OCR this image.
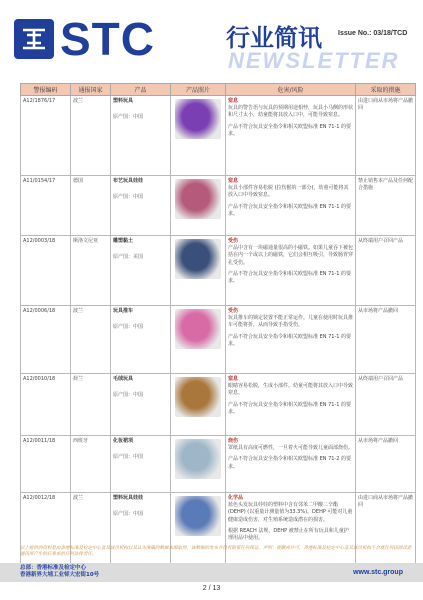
STC	行业简讯 Issue No.: 03/18/TCD
NEWSLETTER
警报编码	通报国家	产品	产品照片	危害/风险	采取的措施
A12/1876/17	波兰	塑料玩具
原产国：中国		窒息
玩具的警告语与玩具的预期用途相悖，玩具小马侧的形状和尺寸太小，幼童能将其放入口中，可能导致窒息。
产品不符合玩具安全指令和相关欧盟标准 EN 71-1 的要求。	由进口商从市场将产品撤回
A11/0154/17	德国	布艺玩具娃娃
原产国：中国		窒息
玩具小部件容易松脱 (拉伤猴的一部分)，幼童可能将其放入口中导致窒息。
产品不符合玩具安全指令和相关欧盟标准 EN 71-1 的要求。	禁止销售本产品及任何配合措施
A12/0003/18	斯洛文尼亚	雕塑黏土
原产国：美国		受伤
产品中含有一块磁通量很高的小磁铁。如果儿童吞下被包括在内一个或以上的磁铁，它们会相互吸引，导致肠胃穿孔受伤。
产品不符合玩具安全指令和相关欧盟标准 EN 71-1 的要求。	从终端用户召回产品
A12/0006/18	波兰	玩具推车
原产国：中国		受伤
玩具推车的锁定装置不能正常运作。儿童在使用时玩具推车可能将折，从而导致手指受伤。
产品不符合玩具安全指令和相关欧盟标准 EN 71-1 的要求。	从市场将产品撤回
A12/0010/18	荷兰	毛绒玩具
原产国：中国		窒息
眼睛容易松脱，生成小部件。幼童可能将其放入口中导致窒息。
产品不符合玩具安全指令和相关欧盟标准 EN 71-1 的要求。	从终端用户召回产品
A12/0011/18	西班牙	化妆裙项
原产国：中国		烧伤
罩纸具有高度可燃性，一旦着火可能导致儿童面部烧伤。
产品不符合玩具安全指令和相关欧盟标准 EN 71-2 的要求。	从市场将产品撤回
A12/0012/18	波兰	塑料玩具娃娃
原产国：中国		化学品
蓝色头发玩具娃娃的塑料中含有邻苯二甲酸二辛酯 (DEHP) (以重量计测量值为33.3%)。DEHP 可能对儿童健康造成伤害，对生殖系统造成潜在的损害。
根据 REACH 法规，DEHP 被禁止在所有玩具和儿童护理用品中使用。	由进口商从市场将产品撤回
以上提供的资料是由香港标准及检定中心及其成员机构以其认为准确的数据来源取得，该数据的发布并没有附带任何保证。声明：提醒或许可，香港标准及检定中心及其成员机构不会就任何因阅读此通讯所产生的后果承担任何法律责任。
总部：香港标准及检定中心
香港新界大埔工业邨大宏街10号	www.stc.group
2 / 13
